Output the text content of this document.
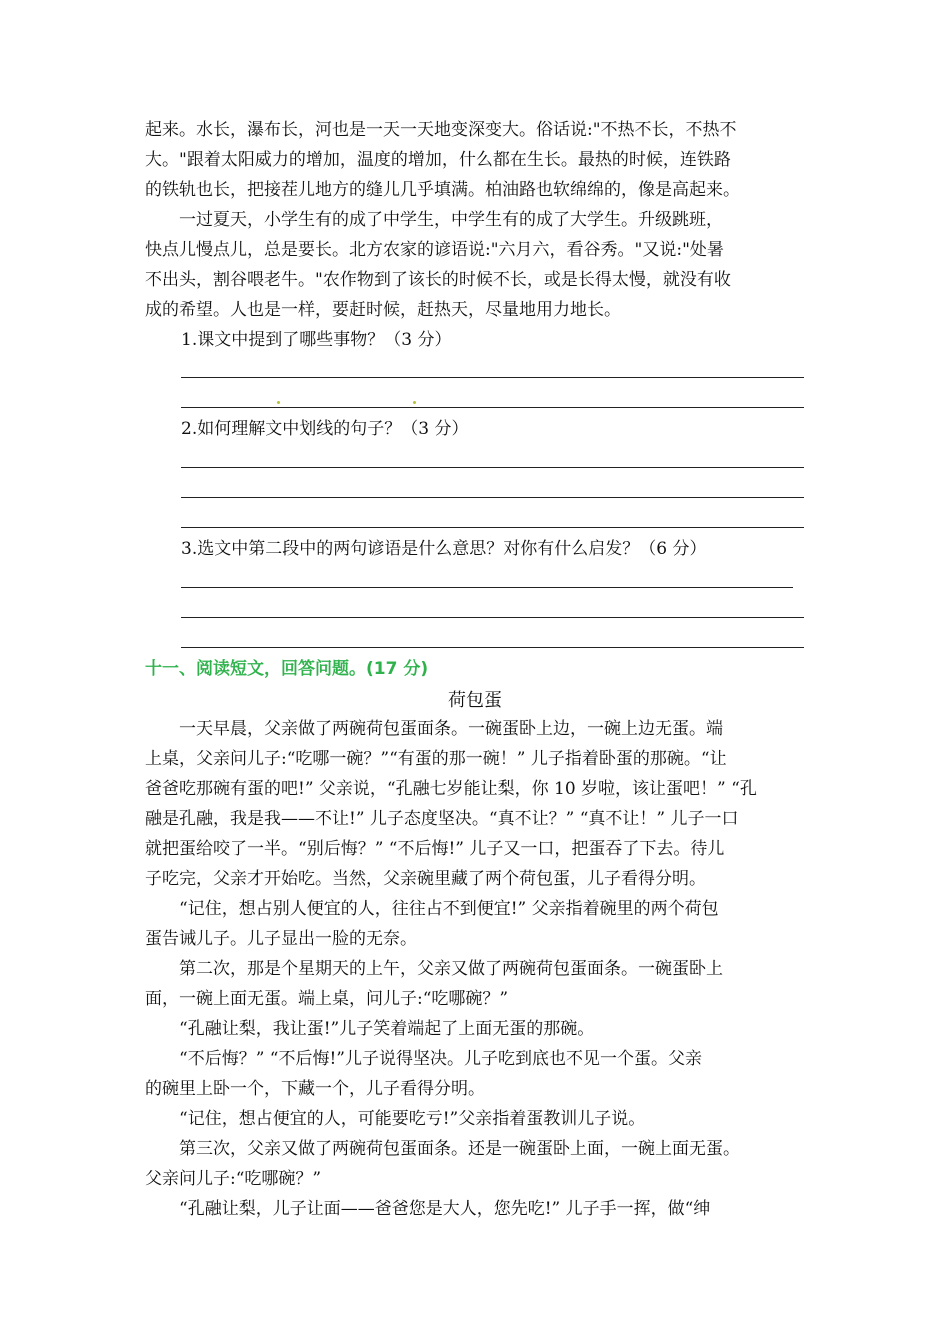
起来。水长，瀑布长，河也是一天一天地变深变大。俗话说:"不热不长，不热不
大。"跟着太阳威力的增加，温度的增加，什么都在生长。最热的时候，连铁路
的铁轨也长，把接茬儿地方的缝儿几乎填满。柏油路也软绵绵的，像是高起来。
　　一过夏天，小学生有的成了中学生，中学生有的成了大学生。升级跳班，
快点儿慢点儿，总是要长。北方农家的谚语说:"六月六，看谷秀。"又说:"处暑
不出头，割谷喂老牛。"农作物到了该长的时候不长，或是长得太慢，就没有收
成的希望。人也是一样，要赶时候，赶热天，尽量地用力地长。
1.课文中提到了哪些事物？（3 分）
2.如何理解文中划线的句子？（3 分）
3.选文中第二段中的两句谚语是什么意思？对你有什么启发？（6 分）
十一、阅读短文，回答问题。(17 分)
荷包蛋
　　一天早晨，父亲做了两碗荷包蛋面条。一碗蛋卧上边，一碗上边无蛋。端
上桌，父亲问儿子:“吃哪一碗？”“有蛋的那一碗！” 儿子指着卧蛋的那碗。“让
爸爸吃那碗有蛋的吧!” 父亲说，“孔融七岁能让梨，你 10 岁啦，该让蛋吧！” “孔
融是孔融，我是我——不让!” 儿子态度坚决。“真不让？” “真不让！” 儿子一口
就把蛋给咬了一半。“别后悔？” “不后悔!” 儿子又一口，把蛋吞了下去。待儿
子吃完，父亲才开始吃。当然，父亲碗里藏了两个荷包蛋，儿子看得分明。
　　“记住，想占别人便宜的人，往往占不到便宜!” 父亲指着碗里的两个荷包
蛋告诫儿子。儿子显出一脸的无奈。
　　第二次，那是个星期天的上午，父亲又做了两碗荷包蛋面条。一碗蛋卧上
面，一碗上面无蛋。端上桌，问儿子:“吃哪碗？”
　　“孔融让梨，我让蛋!”儿子笑着端起了上面无蛋的那碗。
　　“不后悔？” “不后悔!”儿子说得坚决。儿子吃到底也不见一个蛋。父亲
的碗里上卧一个，下藏一个，儿子看得分明。
　　“记住，想占便宜的人，可能要吃亏!”父亲指着蛋教训儿子说。
　　第三次，父亲又做了两碗荷包蛋面条。还是一碗蛋卧上面，一碗上面无蛋。
父亲问儿子:“吃哪碗？”
　　“孔融让梨，儿子让面——爸爸您是大人，您先吃!” 儿子手一挥，做“绅
